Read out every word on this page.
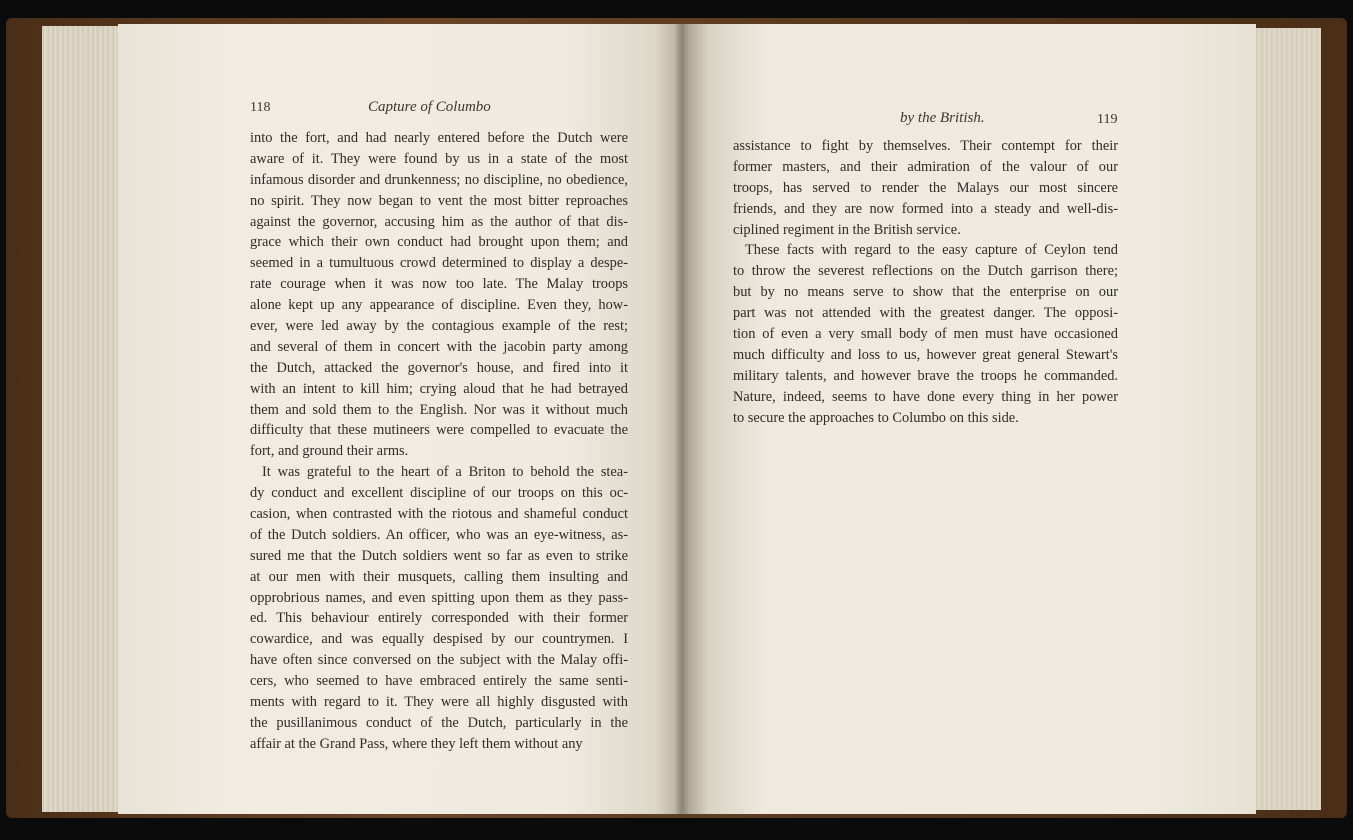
118	Capture of Columbo
by the British.	119
into the fort, and had nearly entered before the Dutch were
aware of it. They were found by us in a state of the most
infamous disorder and drunkenness; no discipline, no obedience,
no spirit. They now began to vent the most bitter reproaches
against the governor, accusing him as the author of that dis-
grace which their own conduct had brought upon them; and
seemed in a tumultuous crowd determined to display a despe-
rate courage when it was now too late. The Malay troops
alone kept up any appearance of discipline. Even they, how-
ever, were led away by the contagious example of the rest;
and several of them in concert with the jacobin party among
the Dutch, attacked the governor's house, and fired into it
with an intent to kill him; crying aloud that he had betrayed
them and sold them to the English. Nor was it without much
difficulty that these mutineers were compelled to evacuate the
fort, and ground their arms.
It was grateful to the heart of a Briton to behold the stea-
dy conduct and excellent discipline of our troops on this oc-
casion, when contrasted with the riotous and shameful conduct
of the Dutch soldiers. An officer, who was an eye-witness, as-
sured me that the Dutch soldiers went so far as even to strike
at our men with their musquets, calling them insulting and
opprobrious names, and even spitting upon them as they pass-
ed. This behaviour entirely corresponded with their former
cowardice, and was equally despised by our countrymen. I
have often since conversed on the subject with the Malay offi-
cers, who seemed to have embraced entirely the same senti-
ments with regard to it. They were all highly disgusted with
the pusillanimous conduct of the Dutch, particularly in the
affair at the Grand Pass, where they left them without any
assistance to fight by themselves. Their contempt for their
former masters, and their admiration of the valour of our
troops, has served to render the Malays our most sincere
friends, and they are now formed into a steady and well-dis-
ciplined regiment in the British service.
These facts with regard to the easy capture of Ceylon tend
to throw the severest reflections on the Dutch garrison there;
but by no means serve to show that the enterprise on our
part was not attended with the greatest danger. The opposi-
tion of even a very small body of men must have occasioned
much difficulty and loss to us, however great general Stewart's
military talents, and however brave the troops he commanded.
Nature, indeed, seems to have done every thing in her power
to secure the approaches to Columbo on this side.
